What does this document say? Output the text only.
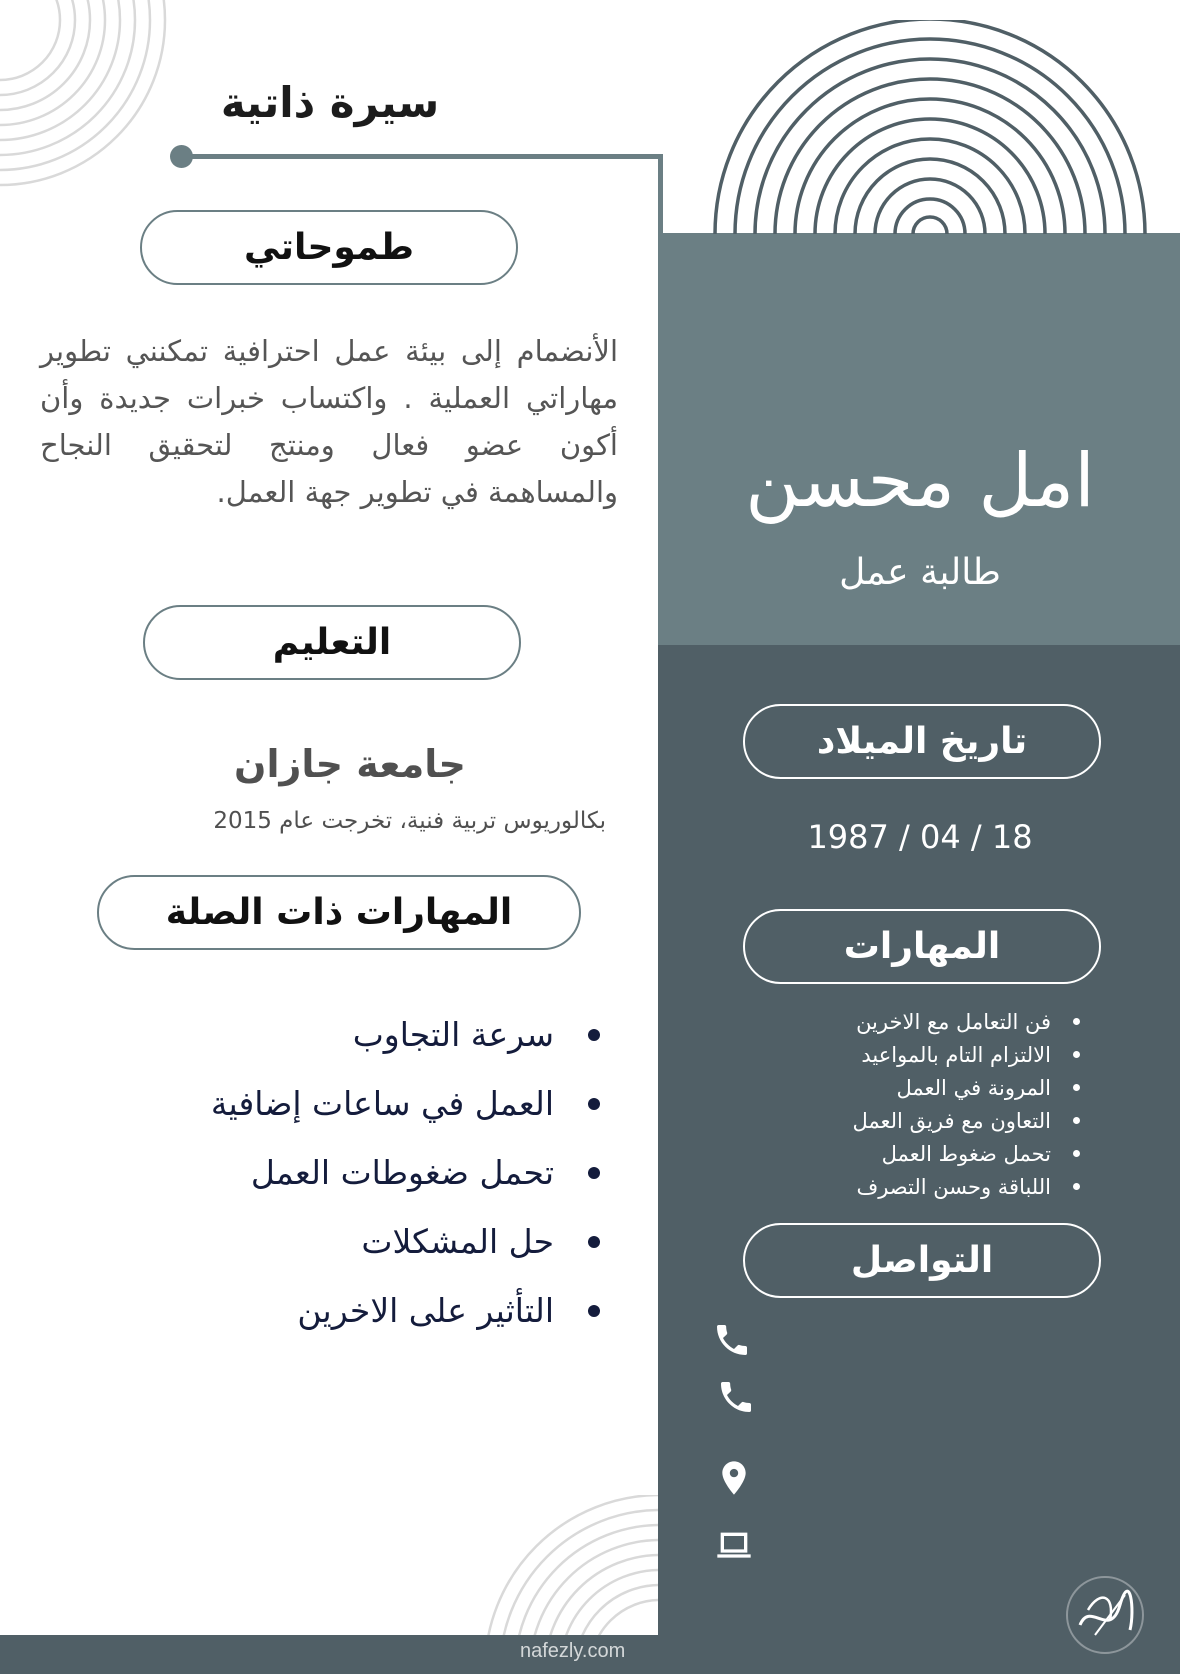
سيرة ذاتية
طموحاتي
الأنضمام إلى بيئة عمل احترافية تمكنني تطوير مهاراتي العملية . واكتساب خبرات جديدة وأن أكون عضو فعال ومنتج لتحقيق النجاح والمساهمة في تطوير جهة العمل.
التعليم
جامعة جازان
بكالوريوس تربية فنية، تخرجت عام 2015
المهارات ذات الصلة
سرعة التجاوب
العمل في ساعات إضافية
تحمل ضغوطات العمل
حل المشكلات
التأثير على الاخرين
امل محسن
طالبة عمل
تاريخ الميلاد
1987 / 04 / 18
المهارات
فن التعامل مع الاخرين
الالتزام التام بالمواعيد
المرونة في العمل
التعاون مع فريق العمل
تحمل ضغوط العمل
اللباقة وحسن التصرف
التواصل
nafezly.com
